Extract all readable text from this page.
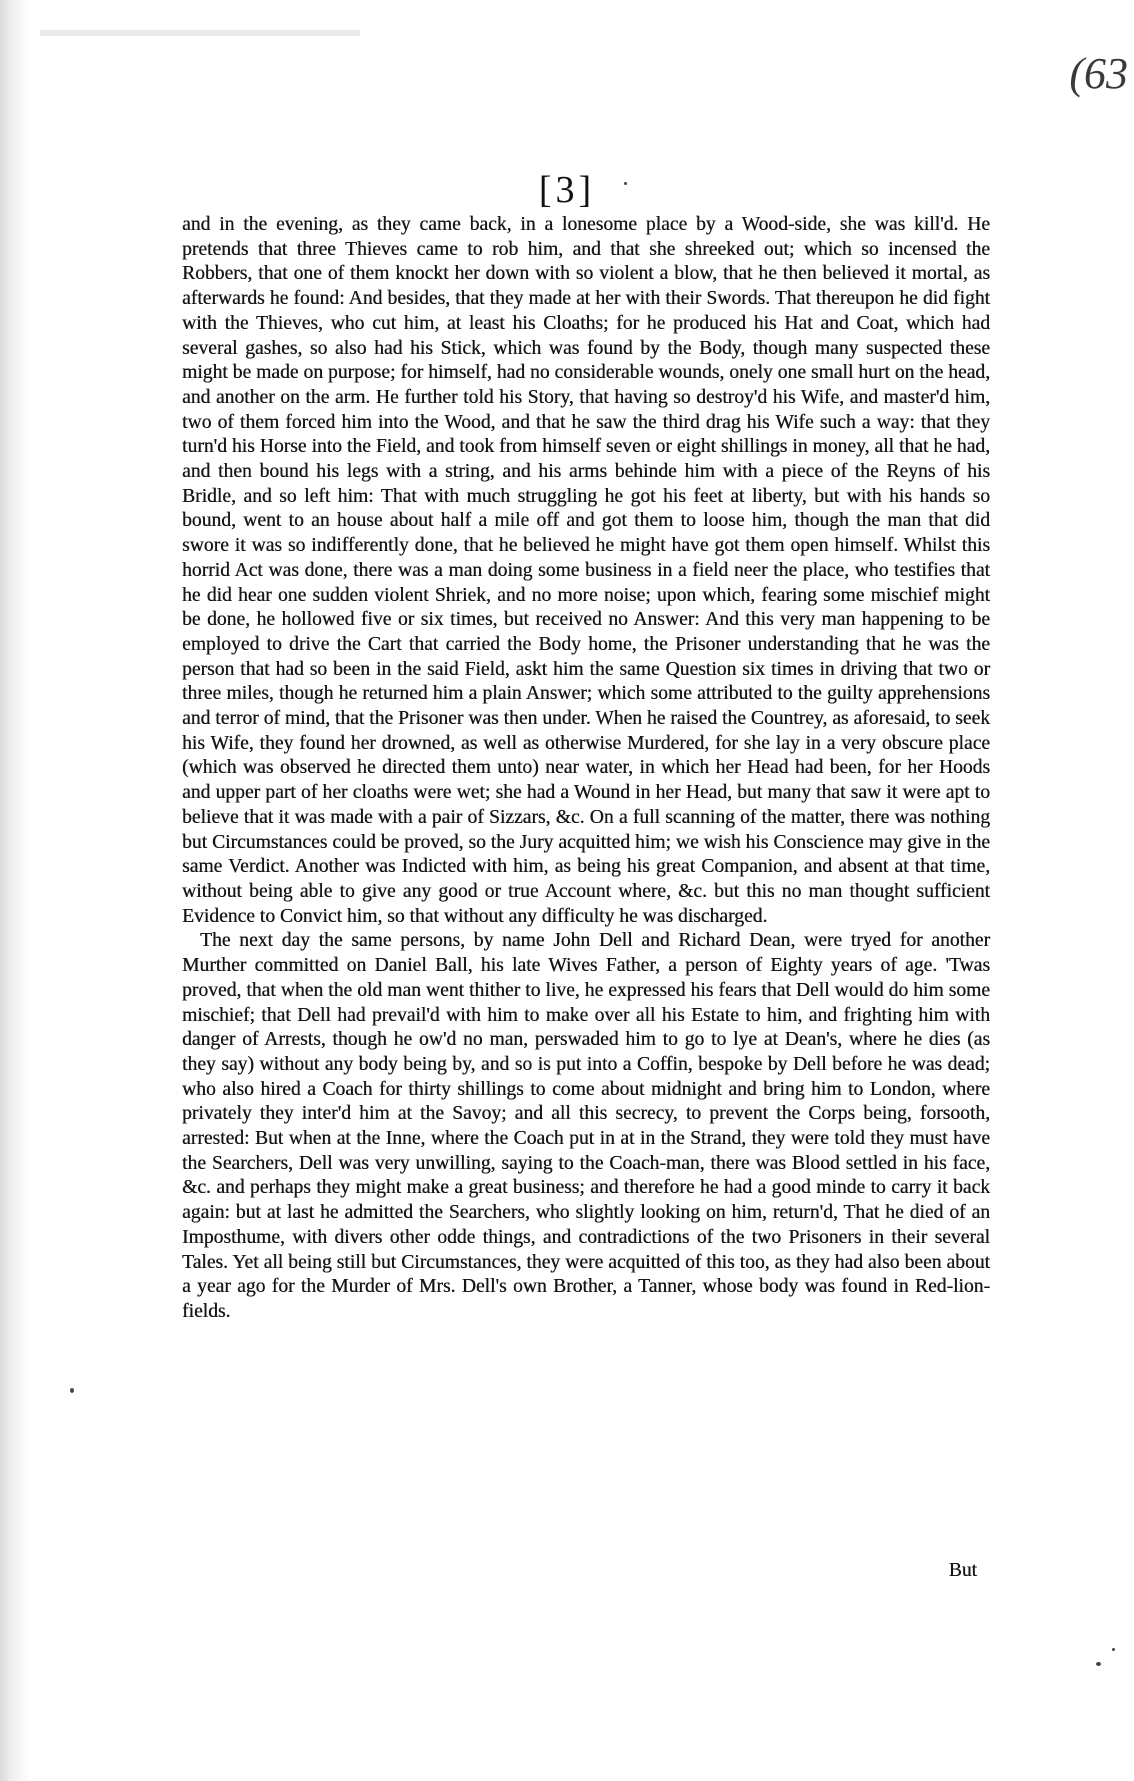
(63
[3]

and in the evening, as they came back, in a lonesome place by a Wood-side, she was kill'd. He pretends that three Thieves came to rob him, and that she shreeked out; which so incensed the Robbers, that one of them knockt her down with so violent a blow, that he then believed it mortal, as afterwards he found: And besides, that they made at her with their Swords. That thereupon he did fight with the Thieves, who cut him, at least his Cloaths; for he produced his Hat and Coat, which had several gashes, so also had his Stick, which was found by the Body, though many suspected these might be made on purpose; for himself, had no considerable wounds, onely one small hurt on the head, and another on the arm. He further told his Story, that having so destroy'd his Wife, and master'd him, two of them forced him into the Wood, and that he saw the third drag his Wife such a way: that they turn'd his Horse into the Field, and took from himself seven or eight shillings in money, all that he had, and then bound his legs with a string, and his arms behinde him with a piece of the Reyns of his Bridle, and so left him: That with much struggling he got his feet at liberty, but with his hands so bound, went to an house about half a mile off and got them to loose him, though the man that did swore it was so indifferently done, that he believed he might have got them open himself. Whilst this horrid Act was done, there was a man doing some business in a field neer the place, who testifies that he did hear one sudden violent Shriek, and no more noise; upon which, fearing some mischief might be done, he hollowed five or six times, but received no Answer: And this very man happening to be employed to drive the Cart that carried the Body home, the Prisoner understanding that he was the person that had so been in the said Field, askt him the same Question six times in driving that two or three miles, though he returned him a plain Answer; which some attributed to the guilty apprehensions and terror of mind, that the Prisoner was then under. When he raised the Countrey, as aforesaid, to seek his Wife, they found her drowned, as well as otherwise Murdered, for she lay in a very obscure place (which was observed he directed them unto) near water, in which her Head had been, for her Hoods and upper part of her cloaths were wet; she had a Wound in her Head, but many that saw it were apt to believe that it was made with a pair of Sizzars, &c. On a full scanning of the matter, there was nothing but Circumstances could be proved, so the Jury acquitted him; we wish his Conscience may give in the same Verdict. Another was Indicted with him, as being his great Companion, and absent at that time, without being able to give any good or true Account where, &c. but this no man thought sufficient Evidence to Convict him, so that without any difficulty he was discharged.

The next day the same persons, by name John Dell and Richard Dean, were tryed for another Murther committed on Daniel Ball, his late Wives Father, a person of Eighty years of age. 'Twas proved, that when the old man went thither to live, he expressed his fears that Dell would do him some mischief; that Dell had prevail'd with him to make over all his Estate to him, and frighting him with danger of Arrests, though he ow'd no man, perswaded him to go to lye at Dean's, where he dies (as they say) without any body being by, and so is put into a Coffin, bespoke by Dell before he was dead; who also hired a Coach for thirty shillings to come about midnight and bring him to London, where privately they inter'd him at the Savoy; and all this secrecy, to prevent the Corps being, forsooth, arrested: But when at the Inne, where the Coach put in at in the Strand, they were told they must have the Searchers, Dell was very unwilling, saying to the Coach-man, there was Blood settled in his face, &c. and perhaps they might make a great business; and therefore he had a good minde to carry it back again: but at last he admitted the Searchers, who slightly looking on him, return'd, That he died of an Imposthume, with divers other odde things, and contradictions of the two Prisoners in their several Tales. Yet all being still but Circumstances, they were acquitted of this too, as they had also been about a year ago for the Murder of Mrs. Dell's own Brother, a Tanner, whose body was found in Red-lion-fields.

But
